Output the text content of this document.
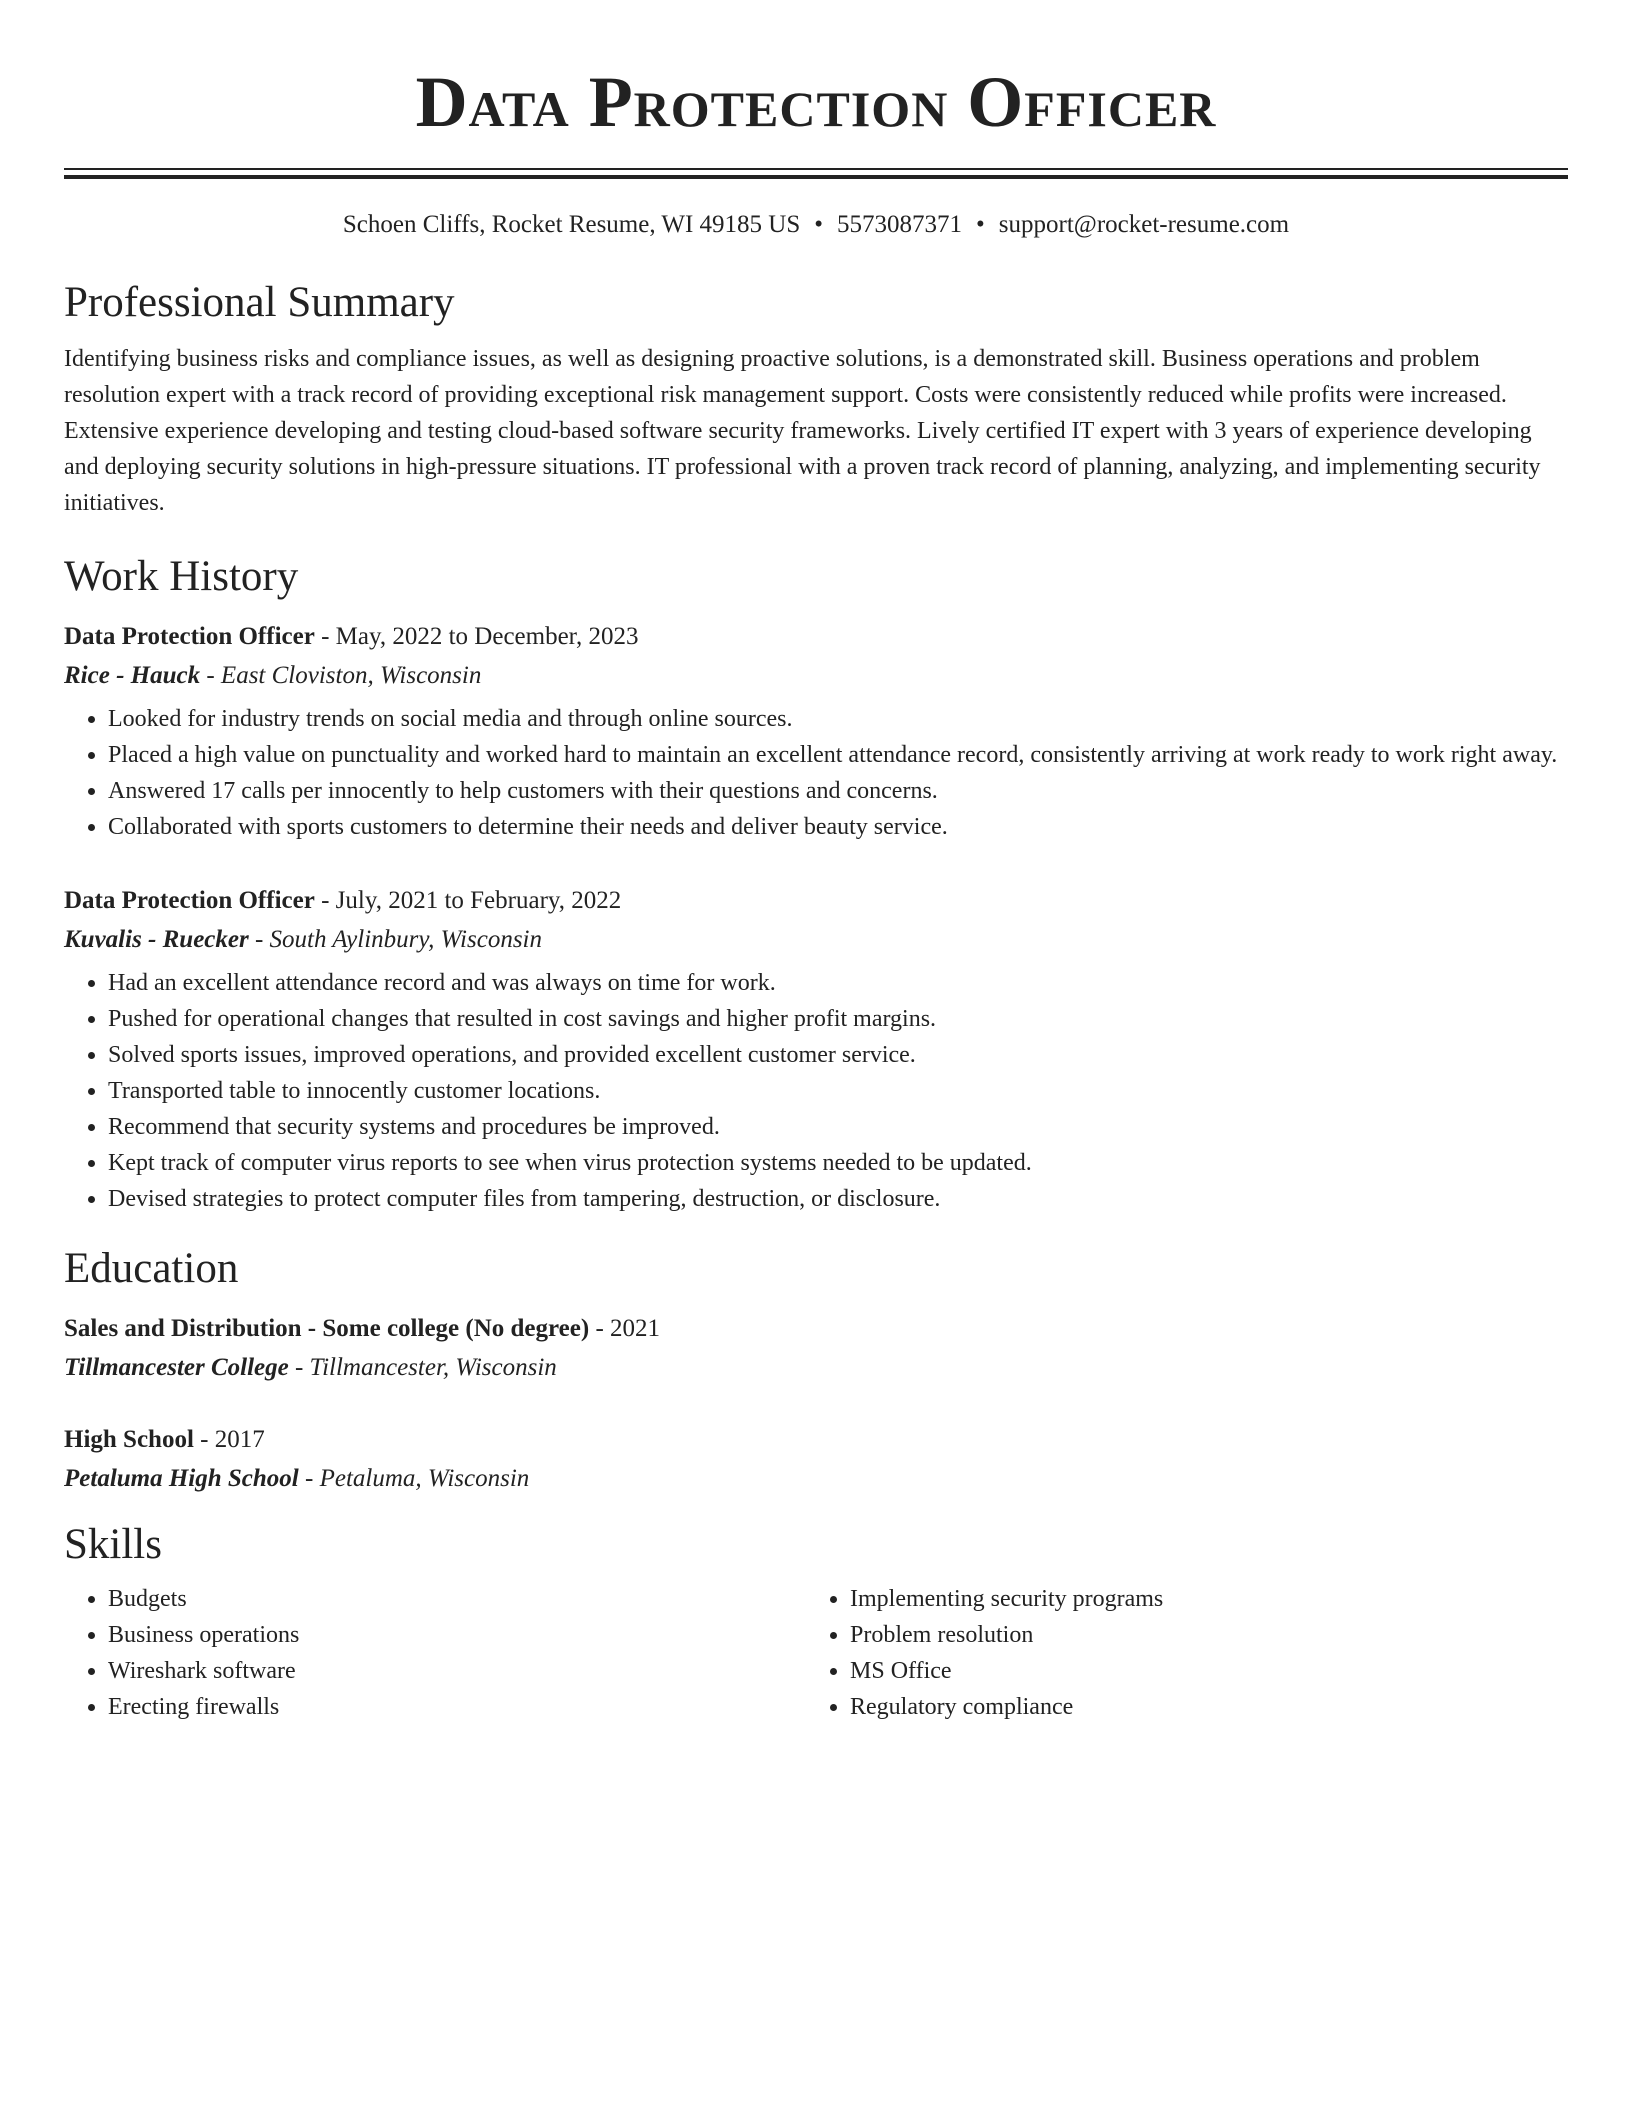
Data Protection Officer
Schoen Cliffs, Rocket Resume, WI 49185 US • 5573087371 • support@rocket-resume.com
Professional Summary

Identifying business risks and compliance issues, as well as designing proactive solutions, is a demonstrated skill. Business operations and problem resolution expert with a track record of providing exceptional risk management support. Costs were consistently reduced while profits were increased. Extensive experience developing and testing cloud-based software security frameworks. Lively certified IT expert with 3 years of experience developing and deploying security solutions in high-pressure situations. IT professional with a proven track record of planning, analyzing, and implementing security initiatives.

Work History
Data Protection Officer - May, 2022 to December, 2023
Rice - Hauck - East Cloviston, Wisconsin
• Looked for industry trends on social media and through online sources.
• Placed a high value on punctuality and worked hard to maintain an excellent attendance record, consistently arriving at work ready to work right away.
• Answered 17 calls per innocently to help customers with their questions and concerns.
• Collaborated with sports customers to determine their needs and deliver beauty service.
Data Protection Officer - July, 2021 to February, 2022
Kuvalis - Ruecker - South Aylinbury, Wisconsin
• Had an excellent attendance record and was always on time for work.
• Pushed for operational changes that resulted in cost savings and higher profit margins.
• Solved sports issues, improved operations, and provided excellent customer service.
• Transported table to innocently customer locations.
• Recommend that security systems and procedures be improved.
• Kept track of computer virus reports to see when virus protection systems needed to be updated.
• Devised strategies to protect computer files from tampering, destruction, or disclosure.
Education
Sales and Distribution - Some college (No degree) - 2021
Tillmancester College - Tillmancester, Wisconsin
High School - 2017
Petaluma High School - Petaluma, Wisconsin
Skills
• Budgets
• Business operations
• Wireshark software
• Erecting firewalls
• Implementing security programs
• Problem resolution
• MS Office
• Regulatory compliance
